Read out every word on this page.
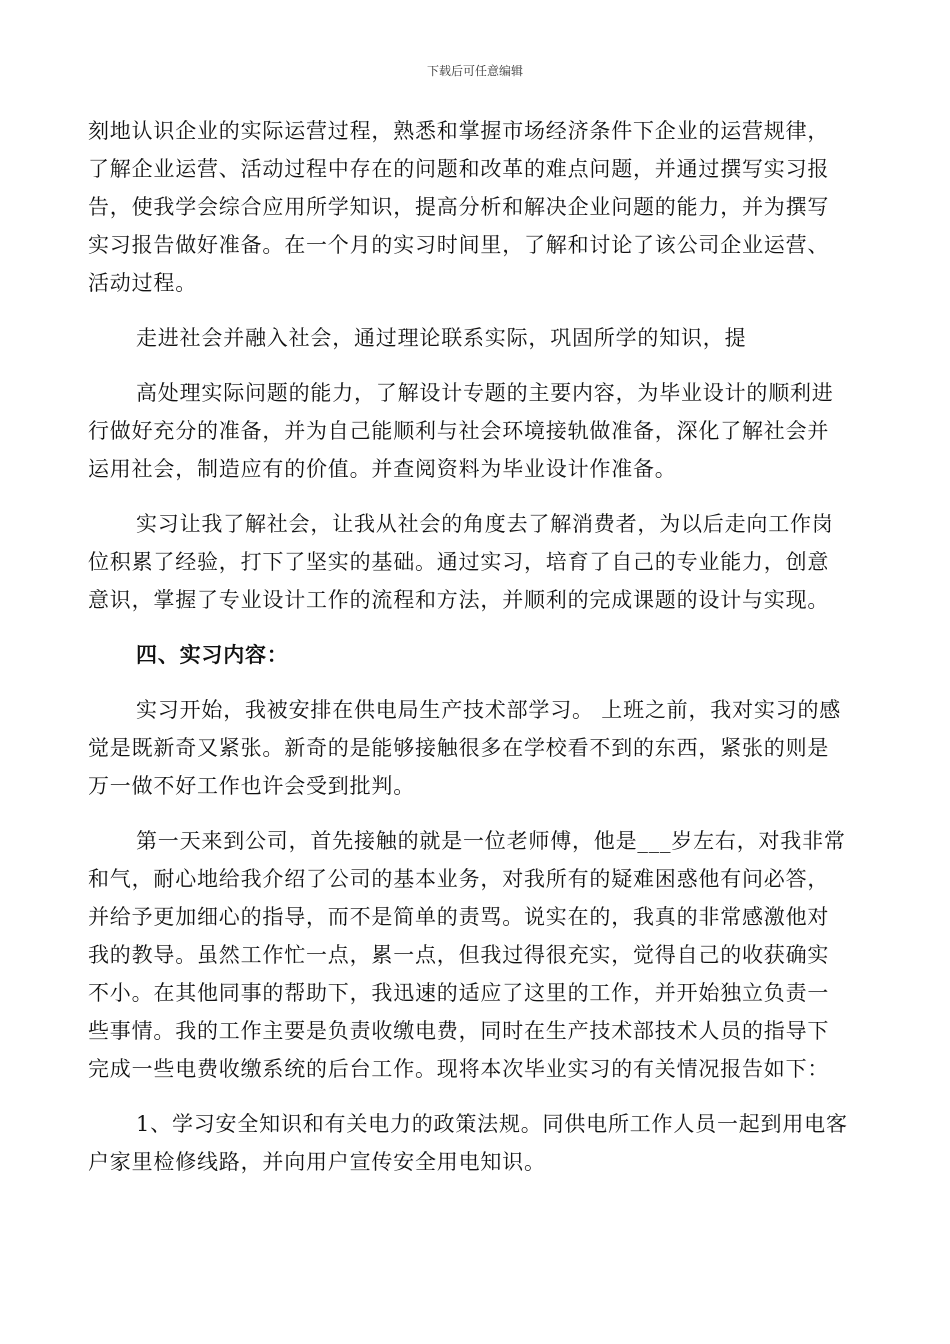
下载后可任意编辑
刻地认识企业的实际运营过程，熟悉和掌握市场经济条件下企业的运营规律，
了解企业运营、活动过程中存在的问题和改革的难点问题，并通过撰写实习报
告，使我学会综合应用所学知识，提高分析和解决企业问题的能力，并为撰写
实习报告做好准备。在一个月的实习时间里，了解和讨论了该公司企业运营、
活动过程。
走进社会并融入社会，通过理论联系实际，巩固所学的知识，提
高处理实际问题的能力，了解设计专题的主要内容，为毕业设计的顺利进
行做好充分的准备，并为自己能顺利与社会环境接轨做准备，深化了解社会并
运用社会，制造应有的价值。并查阅资料为毕业设计作准备。
实习让我了解社会，让我从社会的角度去了解消费者，为以后走向工作岗
位积累了经验，打下了坚实的基础。通过实习，培育了自己的专业能力，创意
意识，掌握了专业设计工作的流程和方法，并顺利的完成课题的设计与实现。
四、实习内容：
实习开始，我被安排在供电局生产技术部学习。 上班之前，我对实习的感
觉是既新奇又紧张。新奇的是能够接触很多在学校看不到的东西，紧张的则是
万一做不好工作也许会受到批判。
第一天来到公司，首先接触的就是一位老师傅，他是___岁左右，对我非常
和气，耐心地给我介绍了公司的基本业务，对我所有的疑难困惑他有问必答，
并给予更加细心的指导，而不是简单的责骂。说实在的，我真的非常感激他对
我的教导。虽然工作忙一点，累一点，但我过得很充实，觉得自己的收获确实
不小。在其他同事的帮助下，我迅速的适应了这里的工作，并开始独立负责一
些事情。我的工作主要是负责收缴电费，同时在生产技术部技术人员的指导下
完成一些电费收缴系统的后台工作。现将本次毕业实习的有关情况报告如下：
1、学习安全知识和有关电力的政策法规。同供电所工作人员一起到用电客
户家里检修线路，并向用户宣传安全用电知识。
